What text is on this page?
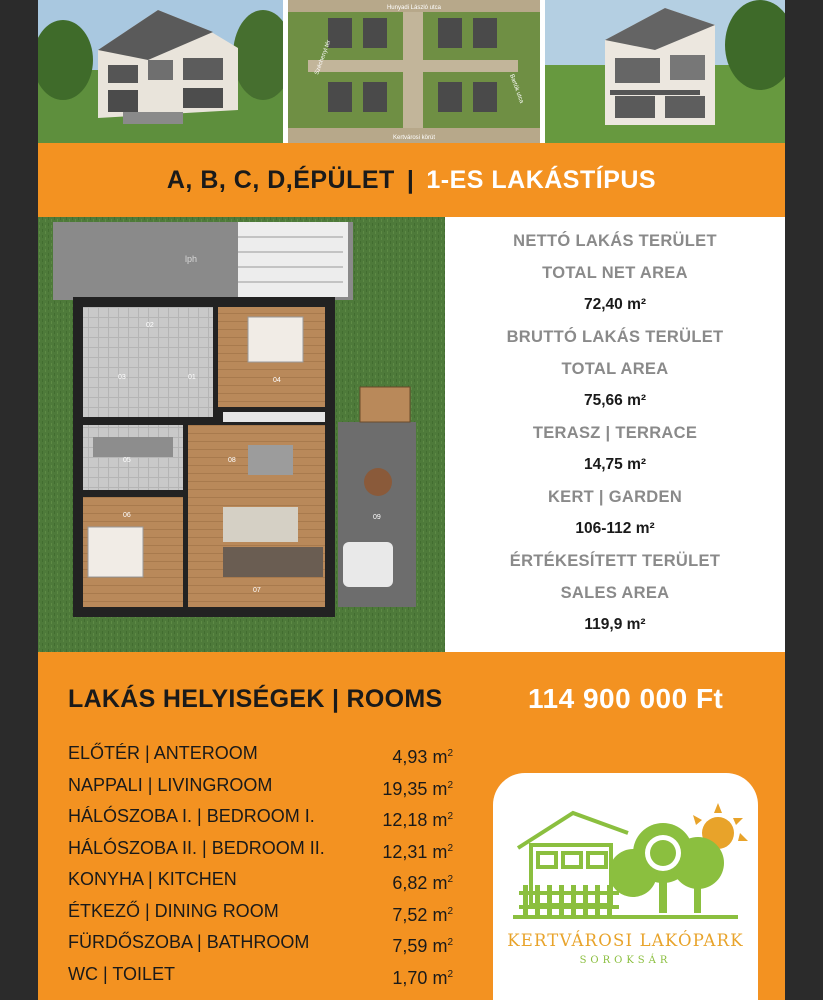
Hunyadi László utca
Kertvárosi körút
Széchenyi tér
Bartók utca
A, B, C, D,ÉPÜLET | 1-ES LAKÁSTÍPUS
lph
01
02
03	04
05
06
07
08
09
NETTÓ LAKÁS TERÜLET
TOTAL NET AREA
72,40 m²
BRUTTÓ LAKÁS TERÜLET
TOTAL AREA
75,66 m²
TERASZ | TERRACE
14,75 m²
KERT | GARDEN
106-112 m²
ÉRTÉKESÍTETT TERÜLET
SALES AREA
119,9 m²
LAKÁS HELYISÉGEK | ROOMS	114 900 000 Ft
ELŐTÉR | ANTEROOM	4,93 $m^2$
NAPPALI | LIVINGROOM	19,35 $m^2$
HÁLÓSZOBA I. | BEDROOM I.	12,18 $m^2$
HÁLÓSZOBA II. | BEDROOM II.	12,31 $m^2$
KONYHA | KITCHEN	6,82 $m^2$
ÉTKEZŐ | DINING ROOM	7,52 $m^2$
FÜRDŐSZOBA | BATHROOM	7,59 $m^2$
WC | TOILET	1,70 $m^2$
KERTVÁROSI LAKÓPARK
SOROKSÁR
